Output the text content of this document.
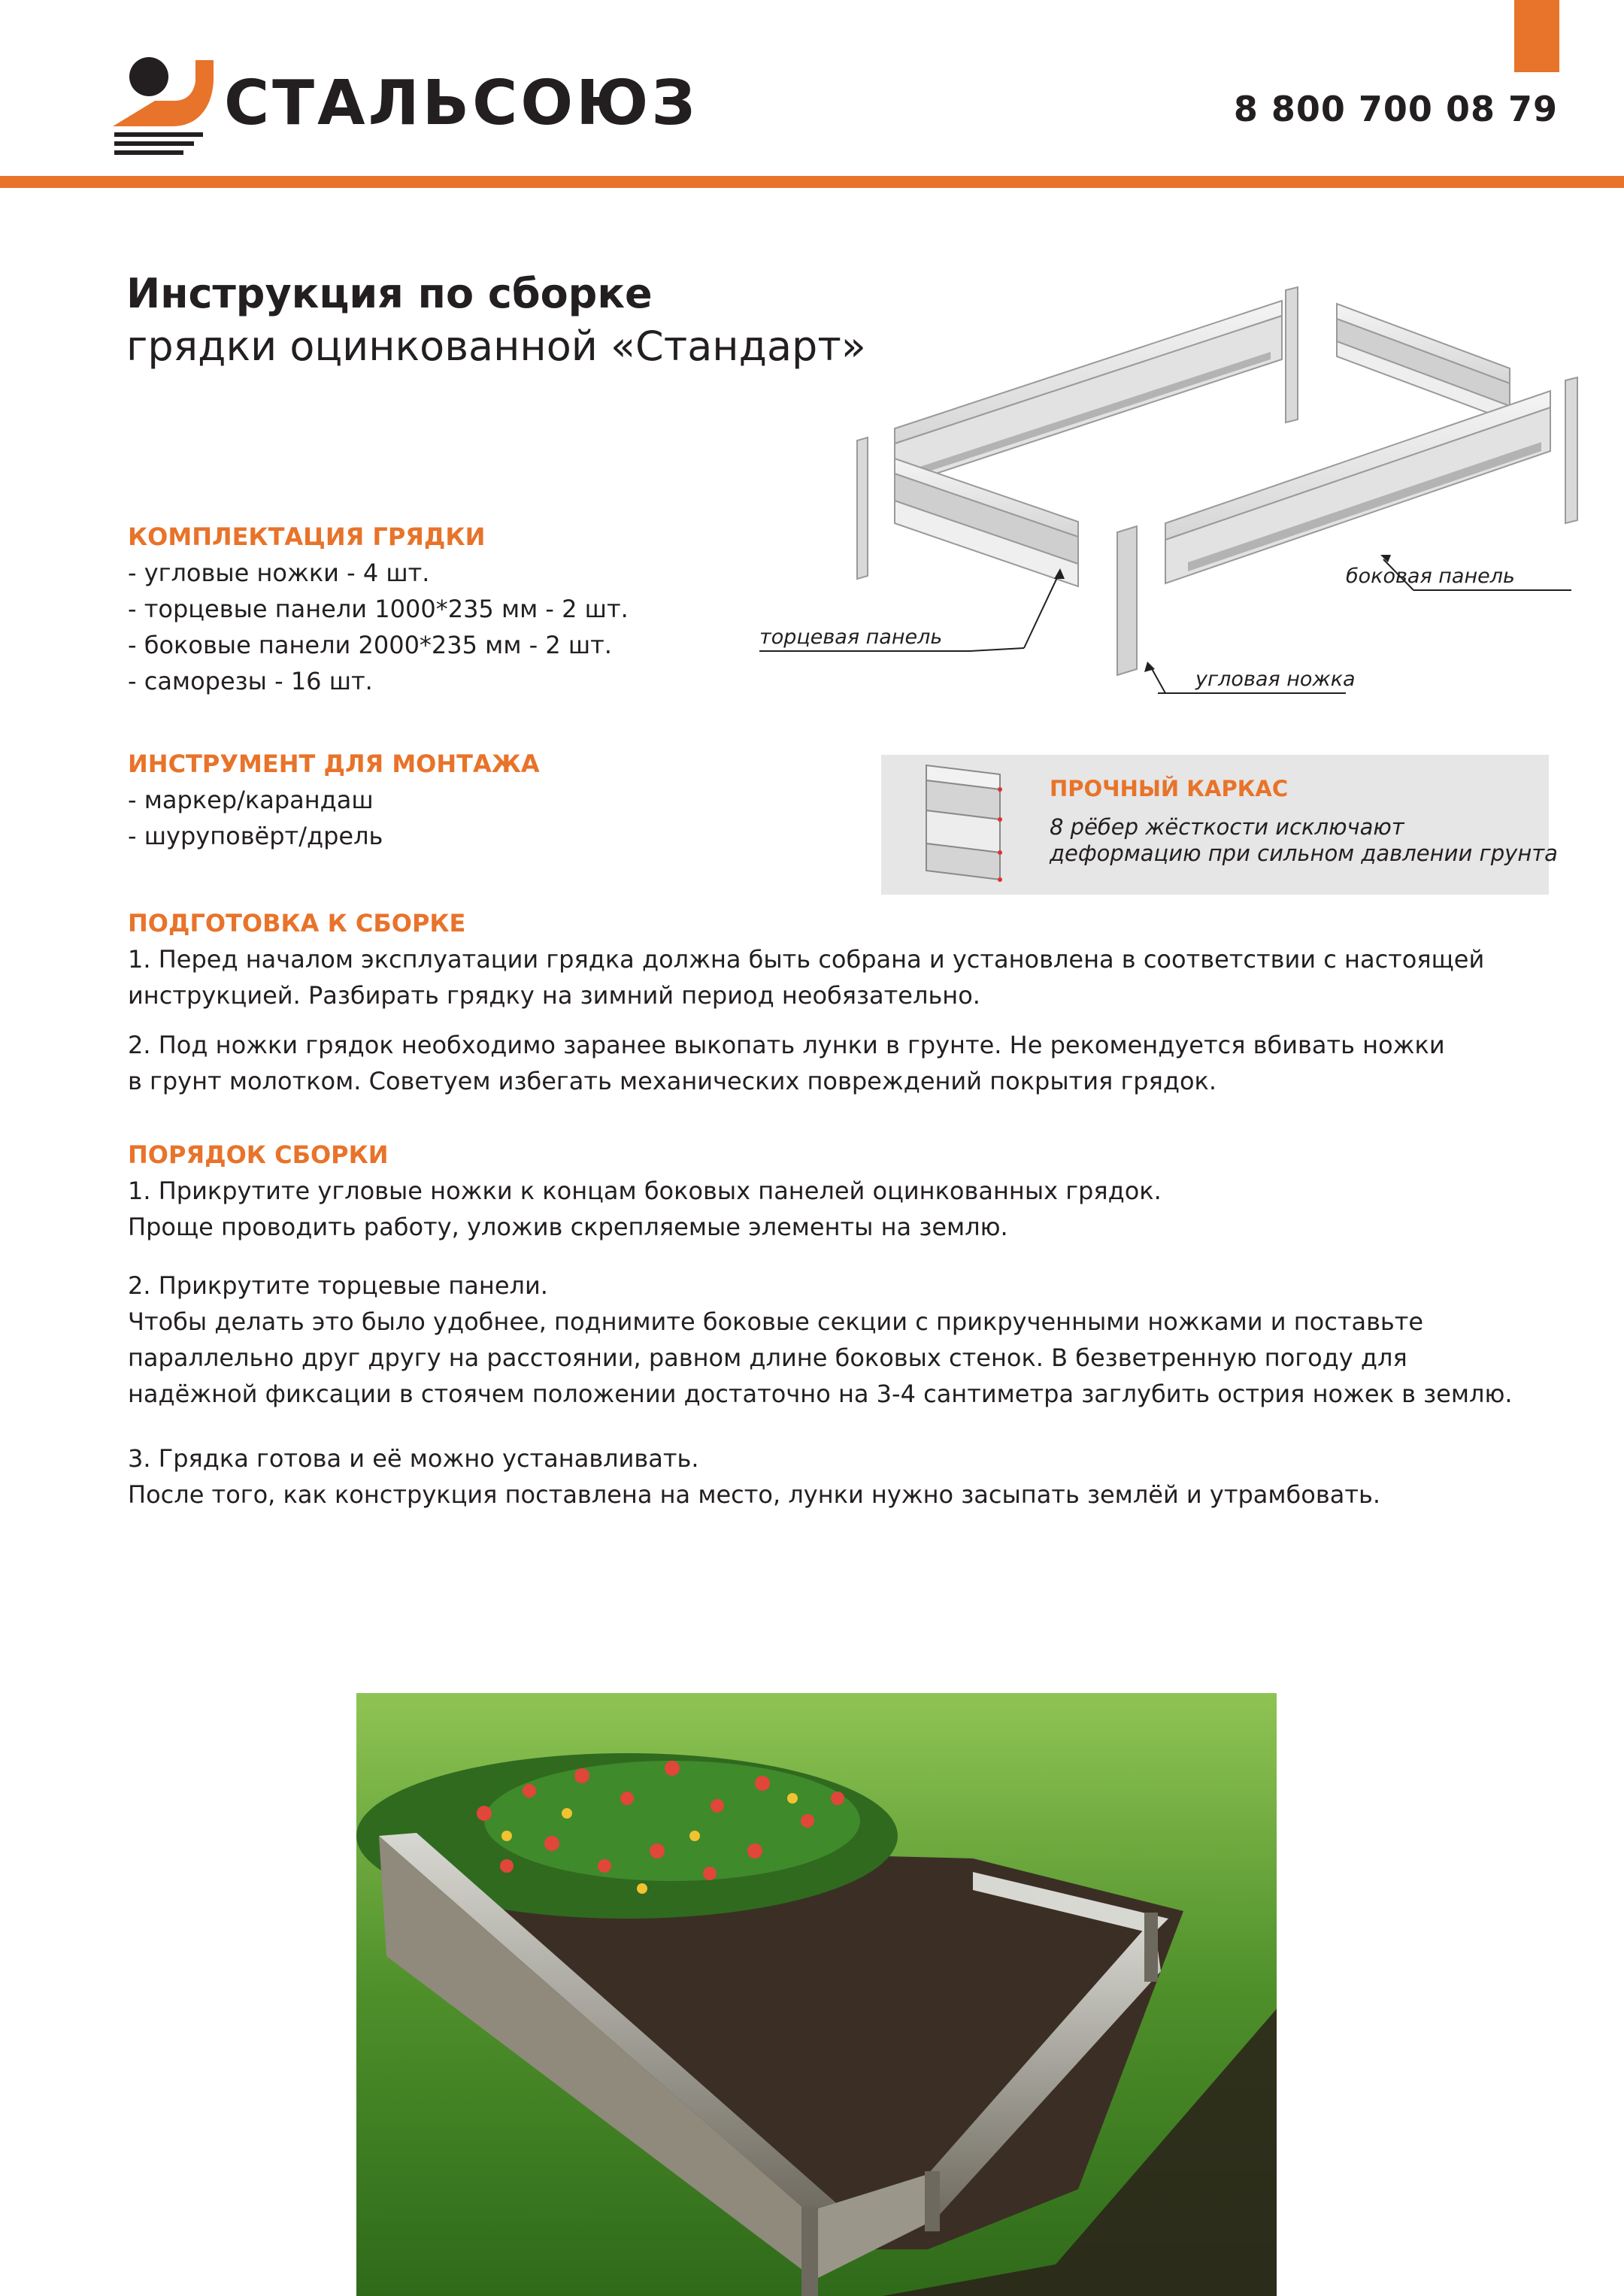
СТАЛЬСОЮЗ	8 800 700 08 79
Инструкция по сборке
грядки оцинкованной «Стандарт»
КОМПЛЕКТАЦИЯ ГРЯДКИ
- угловые ножки - 4 шт.
- торцевые панели 1000*235 мм - 2 шт.
- боковые панели 2000*235 мм - 2 шт.
- саморезы - 16 шт.
ИНСТРУМЕНТ ДЛЯ МОНТАЖА
- маркер/карандаш
- шуруповёрт/дрель
боковая панель
торцевая панель
угловая ножка
ПРОЧНЫЙ КАРКАС
8 рёбер жёсткости исключают
деформацию при сильном давлении грунта
ПОДГОТОВКА К СБОРКЕ

1. Перед началом эксплуатации грядка должна быть собрана и установлена в соответствии с настоящей

инструкцией. Разбирать грядку на зимний период необязательно.

2. Под ножки грядок необходимо заранее выкопать лунки в грунте. Не рекомендуется вбивать ножки

в грунт молотком. Советуем избегать механических повреждений покрытия грядок.

ПОРЯДОК СБОРКИ

1. Прикрутите угловые ножки к концам боковых панелей оцинкованных грядок.

Проще проводить работу, уложив скрепляемые элементы на землю.

2. Прикрутите торцевые панели.

Чтобы делать это было удобнее, поднимите боковые секции с прикрученными ножками и поставьте

параллельно друг другу на расстоянии, равном длине боковых стенок. В безветренную погоду для

надёжной фиксации в стоячем положении достаточно на 3-4 сантиметра заглубить острия ножек в землю.

3. Грядка готова и её можно устанавливать.

После того, как конструкция поставлена на место, лунки нужно засыпать землёй и утрамбовать.
